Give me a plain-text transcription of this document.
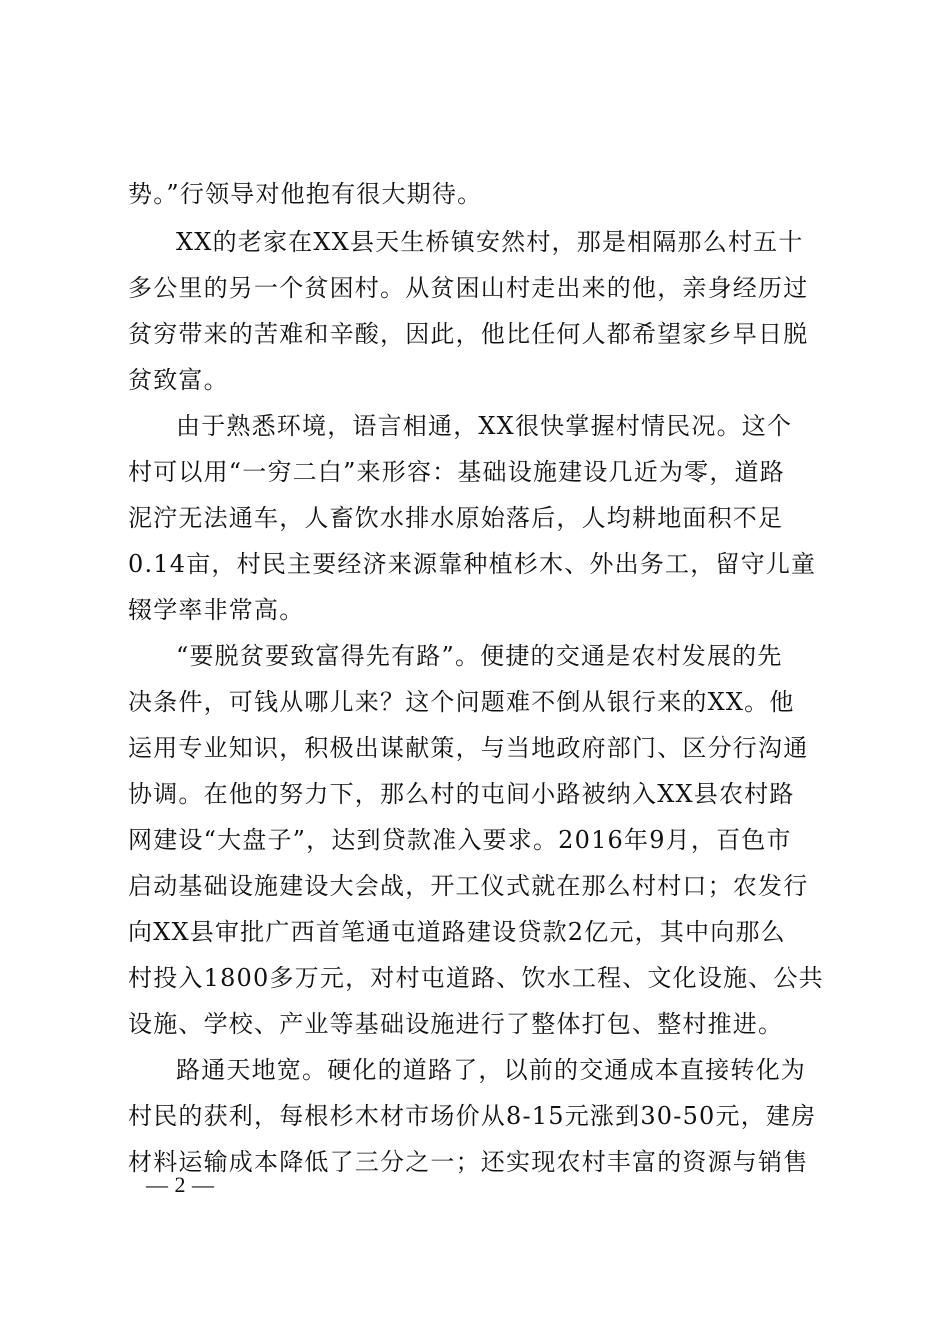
势。”行领导对他抱有很大期待。
XX的老家在XX县天生桥镇安然村，那是相隔那么村五十
多公里的另一个贫困村。从贫困山村走出来的他，亲身经历过
贫穷带来的苦难和辛酸，因此，他比任何人都希望家乡早日脱
贫致富。
由于熟悉环境，语言相通，XX很快掌握村情民况。这个
村可以用“一穷二白”来形容：基础设施建设几近为零，道路
泥泞无法通车，人畜饮水排水原始落后，人均耕地面积不足
0.14亩，村民主要经济来源靠种植杉木、外出务工，留守儿童
辍学率非常高。
“要脱贫要致富得先有路”。便捷的交通是农村发展的先
决条件，可钱从哪儿来？这个问题难不倒从银行来的XX。他
运用专业知识，积极出谋献策，与当地政府部门、区分行沟通
协调。在他的努力下，那么村的屯间小路被纳入XX县农村路
网建设“大盘子”，达到贷款准入要求。2016年9月，百色市
启动基础设施建设大会战，开工仪式就在那么村村口；农发行
向XX县审批广西首笔通屯道路建设贷款2亿元，其中向那么
村投入1800多万元，对村屯道路、饮水工程、文化设施、公共
设施、学校、产业等基础设施进行了整体打包、整村推进。
路通天地宽。硬化的道路了，以前的交通成本直接转化为
村民的获利，每根杉木材市场价从8-15元涨到30-50元，建房
材料运输成本降低了三分之一；还实现农村丰富的资源与销售
— 2 —
